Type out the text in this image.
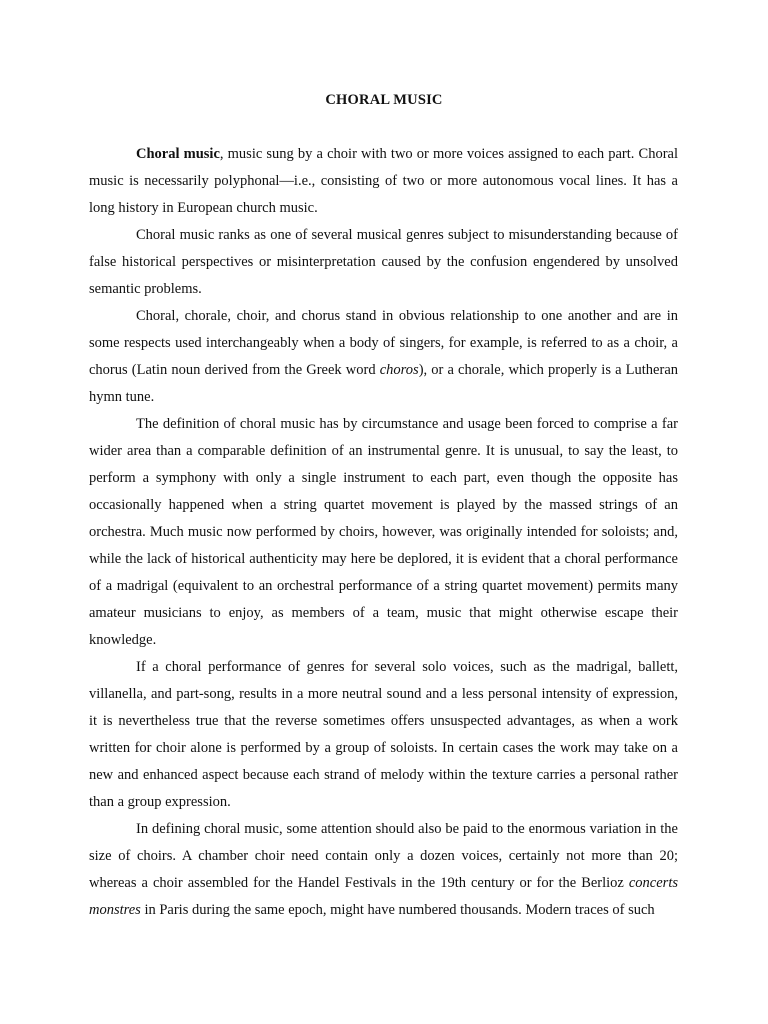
CHORAL MUSIC

Choral music, music sung by a choir with two or more voices assigned to each part. Choral music is necessarily polyphonal—i.e., consisting of two or more autonomous vocal lines. It has a long history in European church music.

Choral music ranks as one of several musical genres subject to misunderstanding because of false historical perspectives or misinterpretation caused by the confusion engendered by unsolved semantic problems.

Choral, chorale, choir, and chorus stand in obvious relationship to one another and are in some respects used interchangeably when a body of singers, for example, is referred to as a choir, a chorus (Latin noun derived from the Greek word choros), or a chorale, which properly is a Lutheran hymn tune.

The definition of choral music has by circumstance and usage been forced to comprise a far wider area than a comparable definition of an instrumental genre. It is unusual, to say the least, to perform a symphony with only a single instrument to each part, even though the opposite has occasionally happened when a string quartet movement is played by the massed strings of an orchestra. Much music now performed by choirs, however, was originally intended for soloists; and, while the lack of historical authenticity may here be deplored, it is evident that a choral performance of a madrigal (equivalent to an orchestral performance of a string quartet movement) permits many amateur musicians to enjoy, as members of a team, music that might otherwise escape their knowledge.

If a choral performance of genres for several solo voices, such as the madrigal, ballett, villanella, and part-song, results in a more neutral sound and a less personal intensity of expression, it is nevertheless true that the reverse sometimes offers unsuspected advantages, as when a work written for choir alone is performed by a group of soloists. In certain cases the work may take on a new and enhanced aspect because each strand of melody within the texture carries a personal rather than a group expression.

In defining choral music, some attention should also be paid to the enormous variation in the size of choirs. A chamber choir need contain only a dozen voices, certainly not more than 20; whereas a choir assembled for the Handel Festivals in the 19th century or for the Berlioz concerts monstres in Paris during the same epoch, might have numbered thousands. Modern traces of such
